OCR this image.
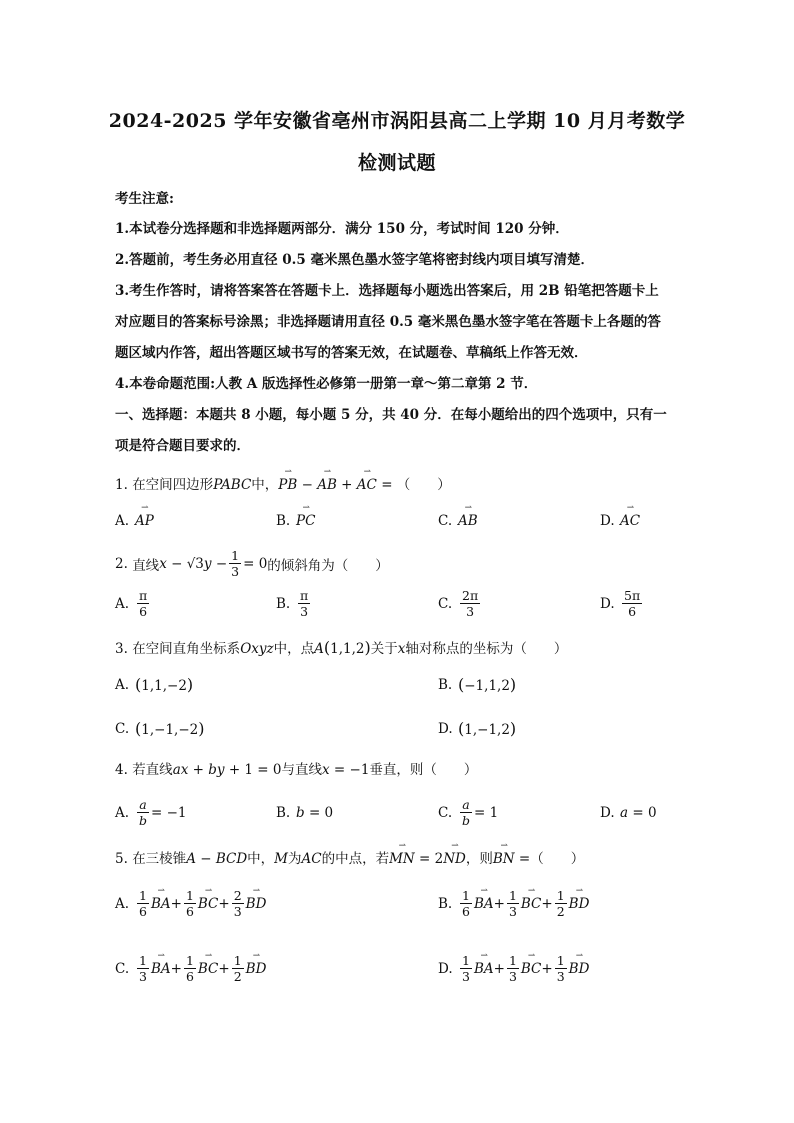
2024-2025 学年安徽省亳州市涡阳县高二上学期 10 月月考数学
检测试题
考生注意:
1.本试卷分选择题和非选择题两部分．满分 150 分，考试时间 120 分钟．
2.答题前，考生务必用直径 0.5 毫米黑色墨水签字笔将密封线内项目填写清楚．
3.考生作答时，请将答案答在答题卡上．选择题每小题选出答案后，用 2B 铅笔把答题卡上
对应题目的答案标号涂黑；非选择题请用直径 0.5 毫米黑色墨水签字笔在答题卡上各题的答
题区域内作答，超出答题区域书写的答案无效，在试题卷、草稿纸上作答无效．
4.本卷命题范围:人教 A 版选择性必修第一册第一章～第二章第 2 节．
一、选择题：本题共 8 小题，每小题 5 分，共 40 分．在每小题给出的四个选项中，只有一
项是符合题目要求的．
1. 在空间四边形PABC中，⇀ PB − ⇀ AB + ⇀ AC = （　　）
A. ⇀ AP	B. ⇀ PC	C. ⇀ AB	D. ⇀ AC
2.
直线 $x - √3y - \frac{1}{3} = 0$ 的倾斜角为（　　）
A. $\frac{\pi}{6}$	B. $\frac{\pi}{3}$	C. $\frac{2\pi}{3}$	D. $\frac{5\pi}{6}$
3. 在空间直角坐标系Oxyz中，点A(1,1,2)关于x轴对称点的坐标为（　　）
A. (1,1,−2)	B. (−1,1,2)
C. (1,−1,−2)	D. (1,−1,2)
4. 若直线ax + by + 1 = 0与直线x = −1垂直，则（　　）
A. $\frac{a}{b} = -1$	B. b = 0	C. $\frac{a}{b} = 1$	D. a = 0
5. 在三棱锥A − BCD中，M为AC的中点，若⇀ MN = 2⇀ ND，则⇀ BN =（　　）
A. $\frac{1}{6}$ ⇀ BA + $\frac{1}{6}$ ⇀ BC + $\frac{2}{3}$ ⇀ BD	B. $\frac{1}{6}$ ⇀ BA + $\frac{1}{3}$ ⇀ BC + $\frac{1}{2}$ ⇀ BD
C. $\frac{1}{3}$ ⇀ BA + $\frac{1}{6}$ ⇀ BC + $\frac{1}{2}$ ⇀ BD	D. $\frac{1}{3}$ ⇀ BA + $\frac{1}{3}$ ⇀ BC + $\frac{1}{3}$ ⇀ BD
